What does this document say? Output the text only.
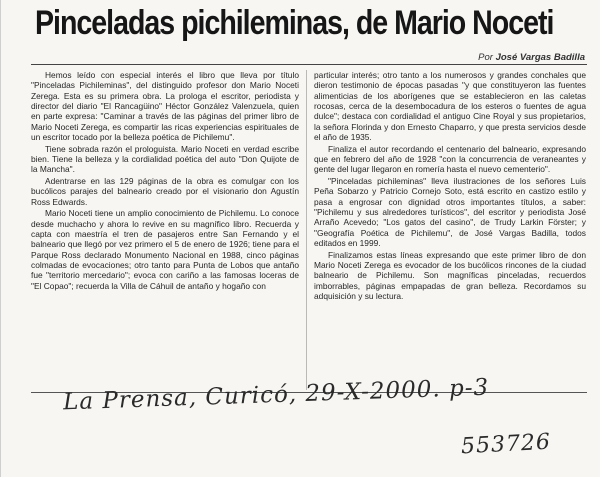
Pinceladas pichileminas, de Mario Noceti
Por José Vargas Badilla

Hemos leído con especial interés el libro que lleva por título "Pinceladas Pichileminas", del distinguido profesor don Mario Noceti Zerega. Esta es su primera obra. La prologa el escritor, periodista y director del diario "El Rancagüino" Héctor González Valenzuela, quien en parte expresa: "Caminar a través de las páginas del primer libro de Mario Noceti Zerega, es compartir las ricas experiencias espirituales de un escritor tocado por la belleza poética de Pichilemu".

Tiene sobrada razón el prologuista. Mario Noceti en verdad escribe bien. Tiene la belleza y la cordialidad poética del auto "Don Quijote de la Mancha".

Adentrarse en las 129 páginas de la obra es comulgar con los bucólicos parajes del balneario creado por el visionario don Agustín Ross Edwards.

Mario Noceti tiene un amplio conocimiento de Pichilemu. Lo conoce desde muchacho y ahora lo revive en su magnífico libro. Recuerda y capta con maestría el tren de pasajeros entre San Fernando y el balneario que llegó por vez primero el 5 de enero de 1926; tiene para el Parque Ross declarado Monumento Nacional en 1988, cinco páginas colmadas de evocaciones; otro tanto para Punta de Lobos que antaño fue "territorio mercedario"; evoca con cariño a las famosas loceras de "El Copao"; recuerda la Villa de Cáhuil de antaño y hogaño con

particular interés; otro tanto a los numerosos y grandes conchales que dieron testimonio de épocas pasadas "y que constituyeron las fuentes alimenticias de los aborígenes que se establecieron en las caletas rocosas, cerca de la desembocadura de los esteros o fuentes de agua dulce"; destaca con cordialidad el antiguo Cine Royal y sus propietarios, la señora Florinda y don Ernesto Chaparro, y que presta servicios desde el año de 1935.

Finaliza el autor recordando el centenario del balneario, expresando que en febrero del año de 1928 "con la concurrencia de veraneantes y gente del lugar llegaron en romería hasta el nuevo cementerio".

"Pinceladas pichileminas" lleva ilustraciones de los señores Luis Peña Sobarzo y Patricio Cornejo Soto, está escrito en castizo estilo y pasa a engrosar con dignidad otros importantes títulos, a saber: "Pichilemu y sus alrededores turísticos", del escritor y periodista José Arraño Acevedo; "Los gatos del casino", de Trudy Larkin Förster; y "Geografía Poética de Pichilemu", de José Vargas Badilla, todos editados en 1999.

Finalizamos estas líneas expresando que este primer libro de don Mario Noceti Zerega es evocador de los bucólicos rincones de la ciudad balneario de Pichilemu. Son magníficas pinceladas, recuerdos imborrables, páginas empapadas de gran belleza. Recordamos su adquisición y su lectura.

La Prensa, Curicó, 29-X-2000. p-3
553726
